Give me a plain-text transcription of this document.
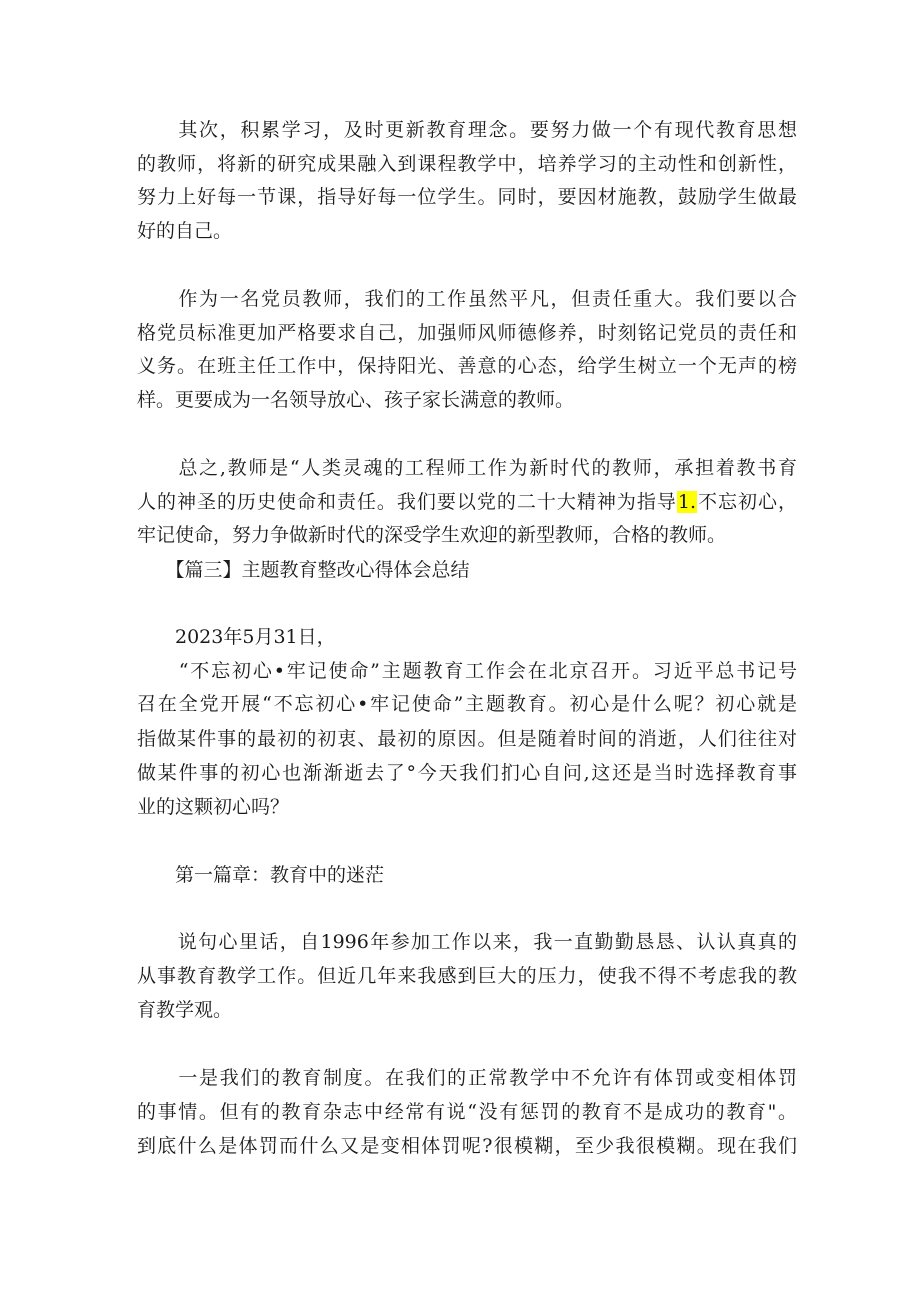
　　其次，积累学习，及时更新教育理念。要努力做一个有现代教育思想
的教师，将新的研究成果融入到课程教学中，培养学习的主动性和创新性，
努力上好每一节课，指导好每一位学生。同时，要因材施教，鼓励学生做最
好的自己。
　　作为一名党员教师，我们的工作虽然平凡，但责任重大。我们要以合
格党员标准更加严格要求自己，加强师风师德修养，时刻铭记党员的责任和
义务。在班主任工作中，保持阳光、善意的心态，给学生树立一个无声的榜
样。更要成为一名领导放心、孩子家长满意的教师。
　　总之,教师是“人类灵魂的工程师工作为新时代的教师，承担着教书育
人的神圣的历史使命和责任。我们要以党的二十大精神为指导1.不忘初心，
牢记使命，努力争做新时代的深受学生欢迎的新型教师，合格的教师。
　　【篇三】主题教育整改心得体会总结
　　2023年5月31日，
　　“不忘初心•牢记使命”主题教育工作会在北京召开。习近平总书记号
召在全党开展“不忘初心•牢记使命”主题教育。初心是什么呢？初心就是
指做某件事的最初的初衷、最初的原因。但是随着时间的消逝，人们往往对
做某件事的初心也渐渐逝去了°今天我们扪心自问,这还是当时选择教育事
业的这颗初心吗？
　　第一篇章：教育中的迷茫
　　说句心里话，自1996年参加工作以来，我一直勤勤恳恳、认认真真的
从事教育教学工作。但近几年来我感到巨大的压力，使我不得不考虑我的教
育教学观。
　　一是我们的教育制度。在我们的正常教学中不允许有体罚或变相体罚
的事情。但有的教育杂志中经常有说“没有惩罚的教育不是成功的教育"。
到底什么是体罚而什么又是变相体罚呢?很模糊，至少我很模糊。现在我们
